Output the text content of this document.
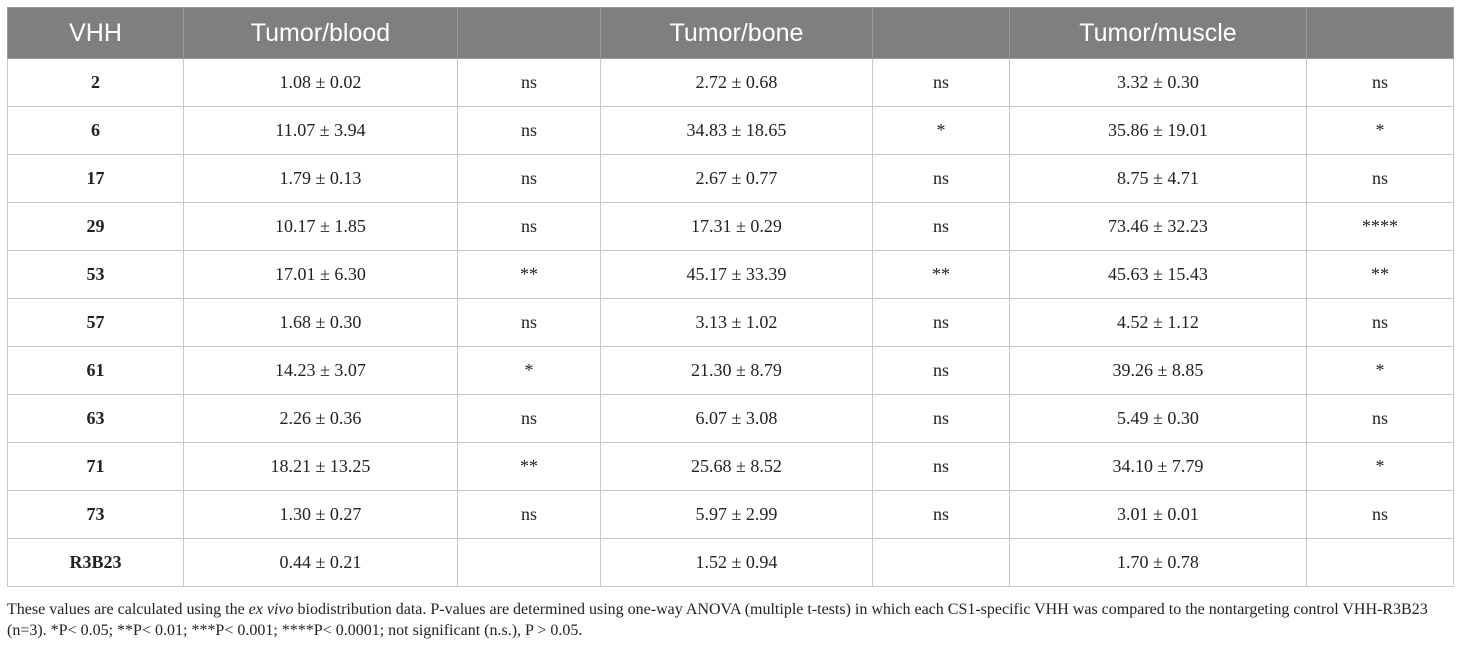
VHH	Tumor/blood		Tumor/bone		Tumor/muscle	
2	1.08 ± 0.02	ns	2.72 ± 0.68	ns	3.32 ± 0.30	ns
6	11.07 ± 3.94	ns	34.83 ± 18.65	*	35.86 ± 19.01	*
17	1.79 ± 0.13	ns	2.67 ± 0.77	ns	8.75 ± 4.71	ns
29	10.17 ± 1.85	ns	17.31 ± 0.29	ns	73.46 ± 32.23	****
53	17.01 ± 6.30	**	45.17 ± 33.39	**	45.63 ± 15.43	**
57	1.68 ± 0.30	ns	3.13 ± 1.02	ns	4.52 ± 1.12	ns
61	14.23 ± 3.07	*	21.30 ± 8.79	ns	39.26 ± 8.85	*
63	2.26 ± 0.36	ns	6.07 ± 3.08	ns	5.49 ± 0.30	ns
71	18.21 ± 13.25	**	25.68 ± 8.52	ns	34.10 ± 7.79	*
73	1.30 ± 0.27	ns	5.97 ± 2.99	ns	3.01 ± 0.01	ns
R3B23	0.44 ± 0.21		1.52 ± 0.94		1.70 ± 0.78	

These values are calculated using the ex vivo biodistribution data. P-values are determined using one-way ANOVA (multiple t-tests) in which each CS1-specific VHH was compared to the nontargeting control VHH-R3B23 (n=3). *P< 0.05; **P< 0.01; ***P< 0.001; ****P< 0.0001; not significant (n.s.), P > 0.05.
